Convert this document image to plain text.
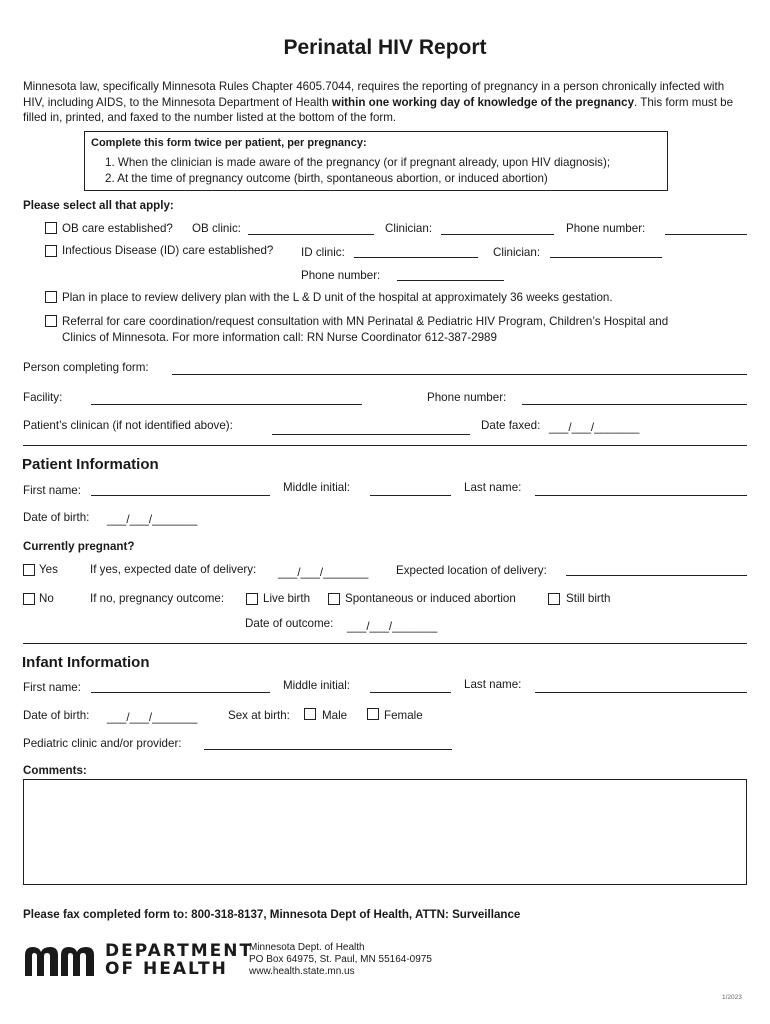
Perinatal HIV Report
Minnesota law, specifically Minnesota Rules Chapter 4605.7044, requires the reporting of pregnancy in a person chronically infected with HIV, including AIDS, to the Minnesota Department of Health within one working day of knowledge of the pregnancy. This form must be filled in, printed, and faxed to the number listed at the bottom of the form.
Complete this form twice per patient, per pregnancy:
1. When the clinician is made aware of the pregnancy (or if pregnant already, upon HIV diagnosis);
2. At the time of pregnancy outcome (birth, spontaneous abortion, or induced abortion)
Please select all that apply:
OB care established? OB clinic:	Clinician:	Phone number:
Infectious Disease (ID) care established? ID clinic:	Clinician:
Phone number:
Plan in place to review delivery plan with the L & D unit of the hospital at approximately 36 weeks gestation.
Referral for care coordination/request consultation with MN Perinatal & Pediatric HIV Program, Children’s Hospital and
Clinics of Minnesota. For more information call: RN Nurse Coordinator 612-387-2989
Person completing form:
Facility:	Phone number:
Patient’s clinican (if not identified above):	Date faxed: ___/___/_______
Patient Information
First name:	Middle initial:	Last name:
Date of birth: ___/___/_______
Currently pregnant?
Yes	If yes, expected date of delivery: ___/___/_______ Expected location of delivery:
No	If no, pregnancy outcome:	Live birth	Spontaneous or induced abortion	Still birth
Date of outcome: ___/___/_______
Infant Information
First name:	Middle initial:	Last name:
Date of birth: ___/___/_______	Sex at birth:	Male	Female
Pediatric clinic and/or provider:
Comments:
Please fax completed form to: 800-318-8137, Minnesota Dept of Health, ATTN: Surveillance
DEPARTMENT
OF HEALTH
Minnesota Dept. of Health
PO Box 64975, St. Paul, MN 55164-0975
www.health.state.mn.us
1/2023
